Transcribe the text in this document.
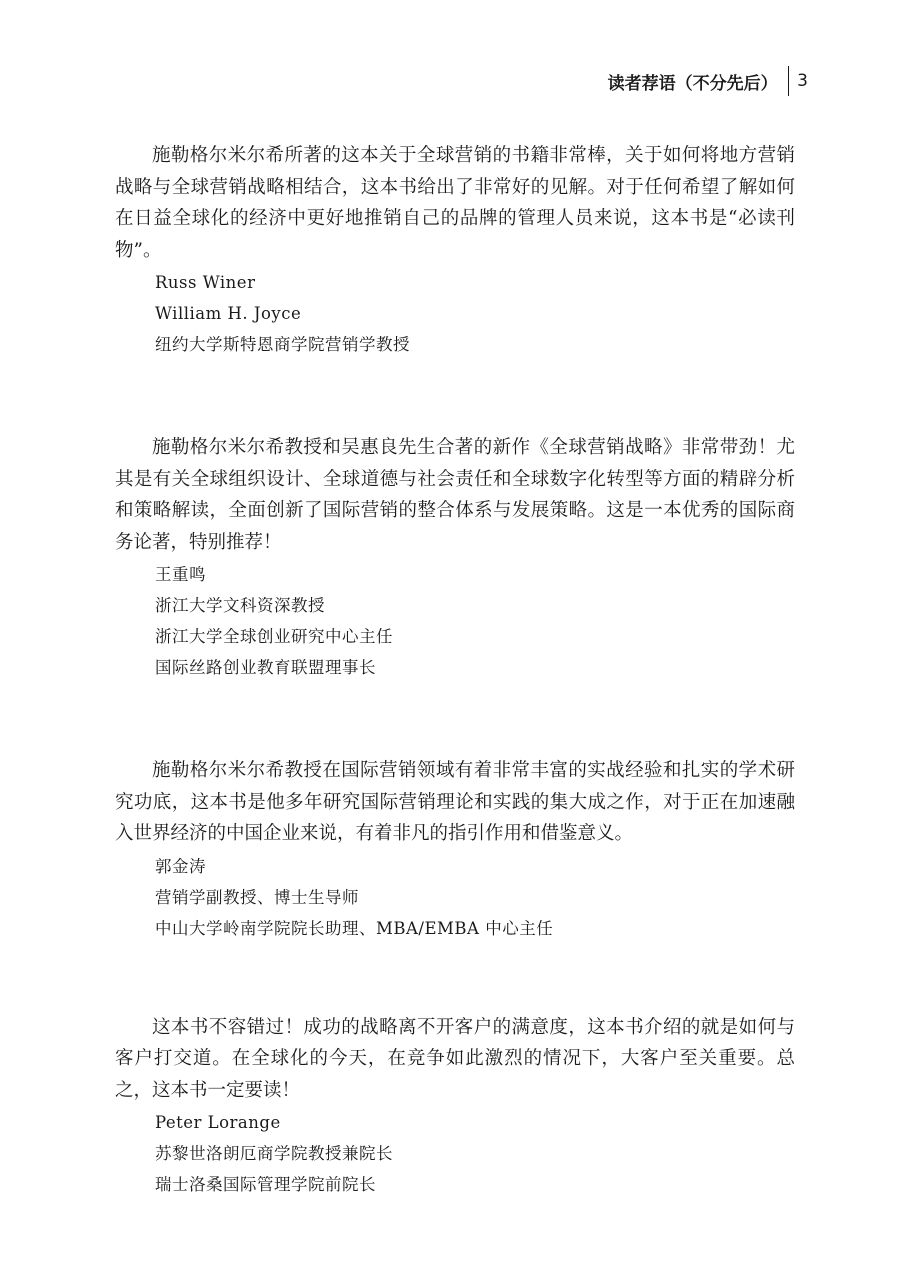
读者荐语（不分先后） 3

施勒格尔米尔希所著的这本关于全球营销的书籍非常棒，关于如何将地方营销战略与全球营销战略相结合，这本书给出了非常好的见解。对于任何希望了解如何在日益全球化的经济中更好地推销自己的品牌的管理人员来说，这本书是“必读刊物”。

Russ Winer
William H. Joyce
纽约大学斯特恩商学院营销学教授

施勒格尔米尔希教授和吴惠良先生合著的新作《全球营销战略》非常带劲！尤其是有关全球组织设计、全球道德与社会责任和全球数字化转型等方面的精辟分析和策略解读，全面创新了国际营销的整合体系与发展策略。这是一本优秀的国际商务论著，特别推荐！

王重鸣
浙江大学文科资深教授
浙江大学全球创业研究中心主任
国际丝路创业教育联盟理事长

施勒格尔米尔希教授在国际营销领域有着非常丰富的实战经验和扎实的学术研究功底，这本书是他多年研究国际营销理论和实践的集大成之作，对于正在加速融入世界经济的中国企业来说，有着非凡的指引作用和借鉴意义。

郭金涛
营销学副教授、博士生导师
中山大学岭南学院院长助理、MBA/EMBA 中心主任

这本书不容错过！成功的战略离不开客户的满意度，这本书介绍的就是如何与客户打交道。在全球化的今天，在竞争如此激烈的情况下，大客户至关重要。总之，这本书一定要读！

Peter Lorange
苏黎世洛朗厄商学院教授兼院长
瑞士洛桑国际管理学院前院长
